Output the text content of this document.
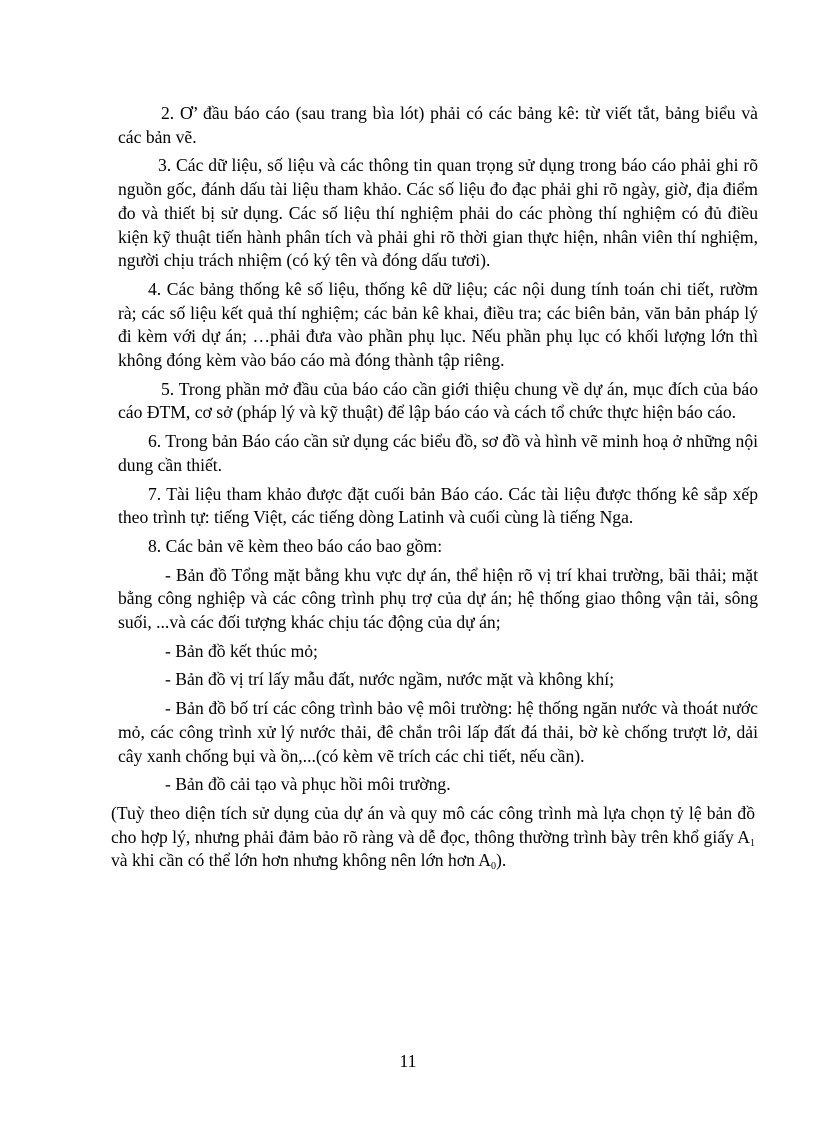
2. Ơ’ đầu báo cáo (sau trang bìa lót) phải có các bảng kê: từ viết tắt, bảng biểu và các bản vẽ.

3. Các dữ liệu, số liệu và các thông tin quan trọng sử dụng trong báo cáo phải ghi rõ nguồn gốc, đánh dấu tài liệu tham khảo. Các số liệu đo đạc phải ghi rõ ngày, giờ, địa điểm đo và thiết bị sử dụng. Các số liệu thí nghiệm phải do các phòng thí nghiệm có đủ điều kiện kỹ thuật tiến hành phân tích và phải ghi rõ thời gian thực hiện, nhân viên thí nghiệm, người chịu trách nhiệm (có ký tên và đóng dấu tươi).

4. Các bảng thống kê số liệu, thống kê dữ liệu; các nội dung tính toán chi tiết, rườm rà; các số liệu kết quả thí nghiệm; các bản kê khai, điều tra; các biên bản, văn bản pháp lý đi kèm với dự án; …phải đưa vào phần phụ lục. Nếu phần phụ lục có khối lượng lớn thì không đóng kèm vào báo cáo mà đóng thành tập riêng.

5. Trong phần mở đầu của báo cáo cần giới thiệu chung về dự án, mục đích của báo cáo ĐTM, cơ sở (pháp lý và kỹ thuật) để lập báo cáo và cách tổ chức thực hiện báo cáo.

6. Trong bản Báo cáo cần sử dụng các biểu đồ, sơ đồ và hình vẽ minh hoạ ở những nội dung cần thiết.

7. Tài liệu tham khảo được đặt cuối bản Báo cáo. Các tài liệu được thống kê sắp xếp theo trình tự: tiếng Việt, các tiếng dòng Latinh và cuối cùng là tiếng Nga.

8. Các bản vẽ kèm theo báo cáo bao gồm:

- Bản đồ Tổng mặt bằng khu vực dự án, thể hiện rõ vị trí khai trường, bãi thải; mặt bằng công nghiệp và các công trình phụ trợ của dự án; hệ thống giao thông vận tải, sông suối, ...và các đối tượng khác chịu tác động của dự án;

- Bản đồ kết thúc mỏ;

- Bản đồ vị trí lấy mẫu đất, nước ngầm, nước mặt và không khí;

- Bản đồ bố trí các công trình bảo vệ môi trường: hệ thống ngăn nước và thoát nước mỏ, các công trình xử lý nước thải, đê chắn trôi lấp đất đá thải, bờ kè chống trượt lở, dải cây xanh chống bụi và ồn,...(có kèm vẽ trích các chi tiết, nếu cần).

- Bản đồ cải tạo và phục hồi môi trường.

(Tuỳ theo diện tích sử dụng của dự án và quy mô các công trình mà lựa chọn tỷ lệ bản đồ cho hợp lý, nhưng phải đảm bảo rõ ràng và dễ đọc, thông thường trình bày trên khổ giấy $A_1$ và khi cần có thể lớn hơn nhưng không nên lớn hơn $A_0$).

11
